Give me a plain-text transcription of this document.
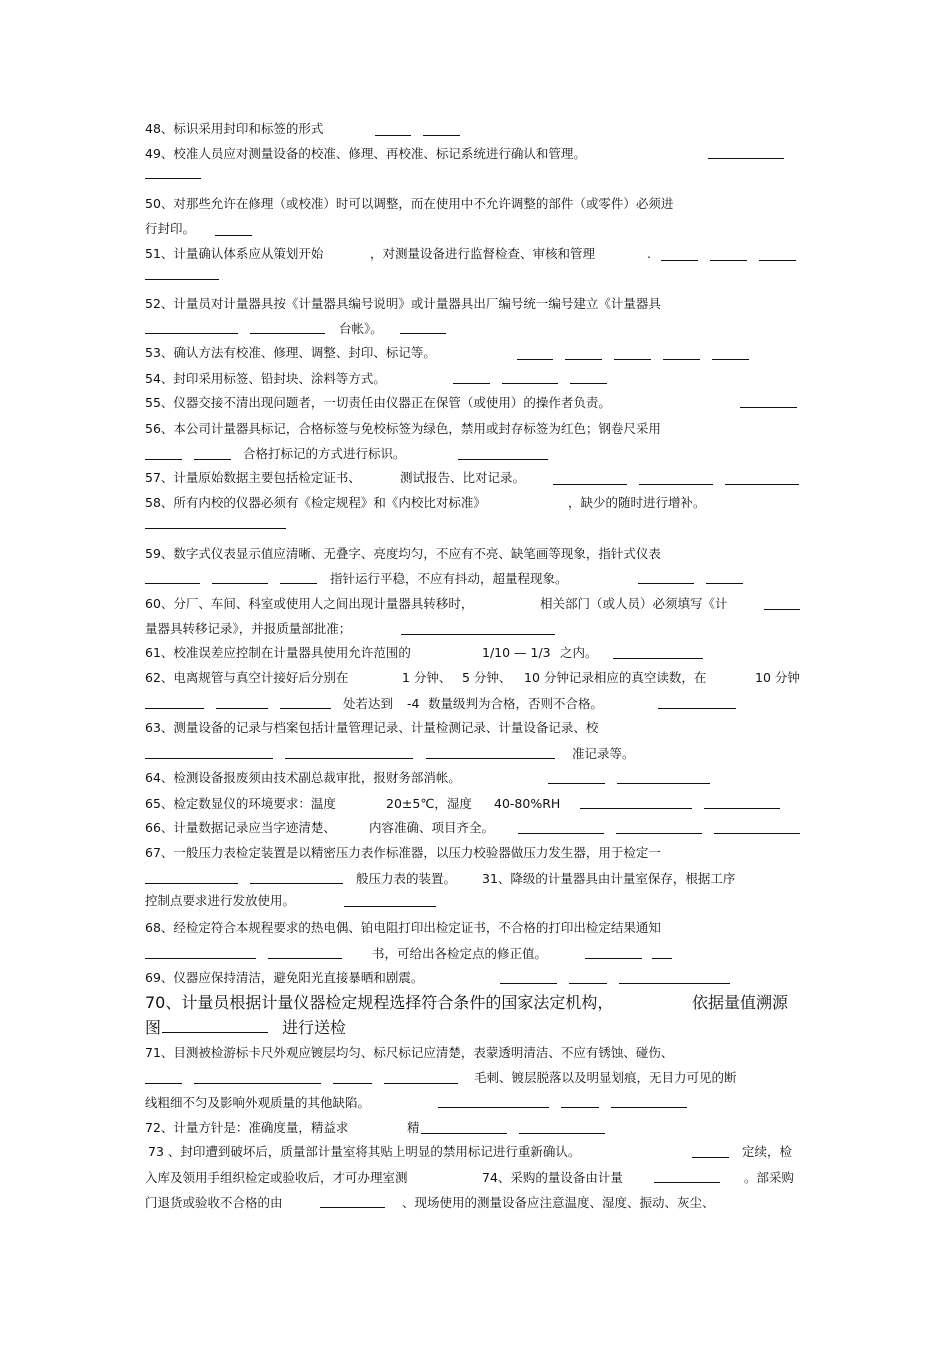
48、标识采用封印和标签的形式
49、校准人员应对测量设备的校准、修理、再校准、标记系统进行确认和管理。
50、对那些允许在修理（或校准）时可以调整，而在使用中不允许调整的部件（或零件）必须进
行封印。
51、计量确认体系应从策划开始	，对测量设备进行监督检查、审核和管理	.
52、计量员对计量器具按《计量器具编号说明》或计量器具出厂编号统一编号建立《计量器具
台帐》。
53、确认方法有校准、修理、调整、封印、标记等。
54、封印采用标签、铅封块、涂料等方式。
55、仪器交接不清出现问题者，一切责任由仪器正在保管（或使用）的操作者负责。
56、本公司计量器具标记，合格标签与免校标签为绿色，禁用或封存标签为红色；钢卷尺采用
合格打标记的方式进行标识。
57、计量原始数据主要包括检定证书、	测试报告、比对记录。
58、所有内校的仪器必须有《检定规程》和《内校比对标准》	，缺少的随时进行增补。
59、数字式仪表显示值应清晰、无叠字、亮度均匀，不应有不亮、缺笔画等现象，指针式仪表
指针运行平稳，不应有抖动，超量程现象。
60、分厂、车间、科室或使用人之间出现计量器具转移时，	相关部门（或人员）必须填写《计
量器具转移记录》，并报质量部批准；
61、校准误差应控制在计量器具使用允许范围的	1/10 — 1/3 之内。
62、电离规管与真空计接好后分别在	1 分钟、 5 分钟、 10 分钟记录相应的真空读数，在	10 分钟
处若达到 -4 数量级判为合格，否则不合格。
63、测量设备的记录与档案包括计量管理记录、计量检测记录、计量设备记录、校
准记录等。
64、检测设备报废须由技术副总裁审批，报财务部消帐。
65、检定数显仪的环境要求：温度	20±5℃，湿度 40-80%RH
66、计量数据记录应当字迹清楚、	内容准确、项目齐全。
67、一般压力表检定装置是以精密压力表作标准器，以压力校验器做压力发生器，用于检定一
般压力表的装置。 31、降级的计量器具由计量室保存，根据工序
控制点要求进行发放使用。
68、经检定符合本规程要求的热电偶、铂电阻打印出检定证书，不合格的打印出检定结果通知
书，可给出各检定点的修正值。
69、仪器应保持清洁，避免阳光直接暴晒和剧震。
70、计量员根据计量仪器检定规程选择符合条件的国家法定机构，	依据量值溯源
图	进行送检
71、目测被检游标卡尺外观应镀层均匀、标尺标记应清楚，表蒙透明清洁、不应有锈蚀、碰伤、
毛刺、镀层脱落以及明显划痕，无目力可见的断
线粗细不匀及影响外观质量的其他缺陷。
72、计量方针是：准确度量，精益求	精
73 、封印遭到破坏后，质量部计量室将其贴上明显的禁用标记进行重新确认。	定续，检
入库及领用手组织检定或验收后，才可办理室测	74、采购的量设备由计量	。部采购
门退货或验收不合格的由	、现场使用的测量设备应注意温度、湿度、振动、灰尘、
